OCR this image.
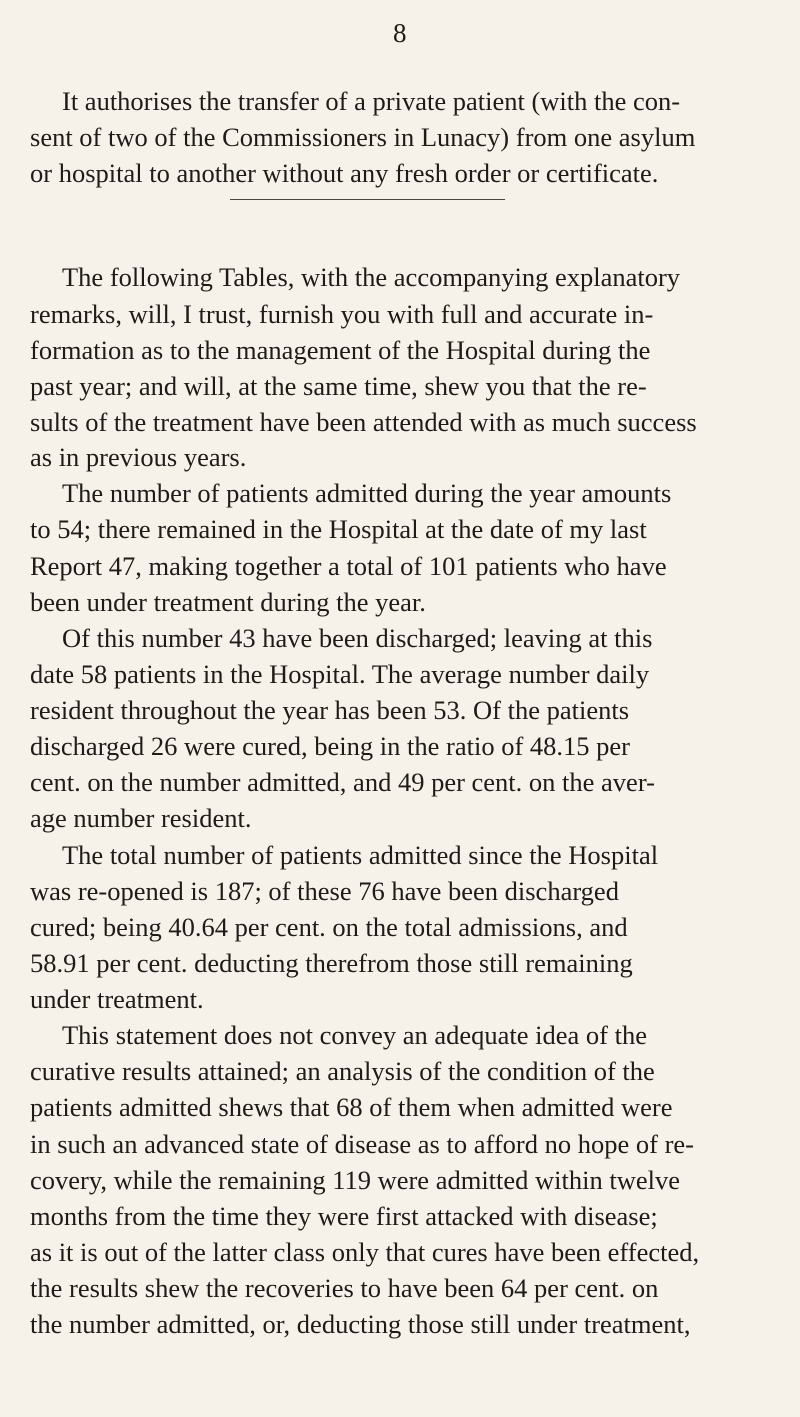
8
It authorises the transfer of a private patient (with the con-
sent of two of the Commissioners in Lunacy) from one asylum
or hospital to another without any fresh order or certificate.
The following Tables, with the accompanying explanatory
remarks, will, I trust, furnish you with full and accurate in-
formation as to the management of the Hospital during the
past year; and will, at the same time, shew you that the re-
sults of the treatment have been attended with as much success
as in previous years.
The number of patients admitted during the year amounts
to 54; there remained in the Hospital at the date of my last
Report 47, making together a total of 101 patients who have
been under treatment during the year.
Of this number 43 have been discharged; leaving at this
date 58 patients in the Hospital. The average number daily
resident throughout the year has been 53. Of the patients
discharged 26 were cured, being in the ratio of 48.15 per
cent. on the number admitted, and 49 per cent. on the aver-
age number resident.
The total number of patients admitted since the Hospital
was re-opened is 187; of these 76 have been discharged
cured; being 40.64 per cent. on the total admissions, and
58.91 per cent. deducting therefrom those still remaining
under treatment.
This statement does not convey an adequate idea of the
curative results attained; an analysis of the condition of the
patients admitted shews that 68 of them when admitted were
in such an advanced state of disease as to afford no hope of re-
covery, while the remaining 119 were admitted within twelve
months from the time they were first attacked with disease;
as it is out of the latter class only that cures have been effected,
the results shew the recoveries to have been 64 per cent. on
the number admitted, or, deducting those still under treatment,
